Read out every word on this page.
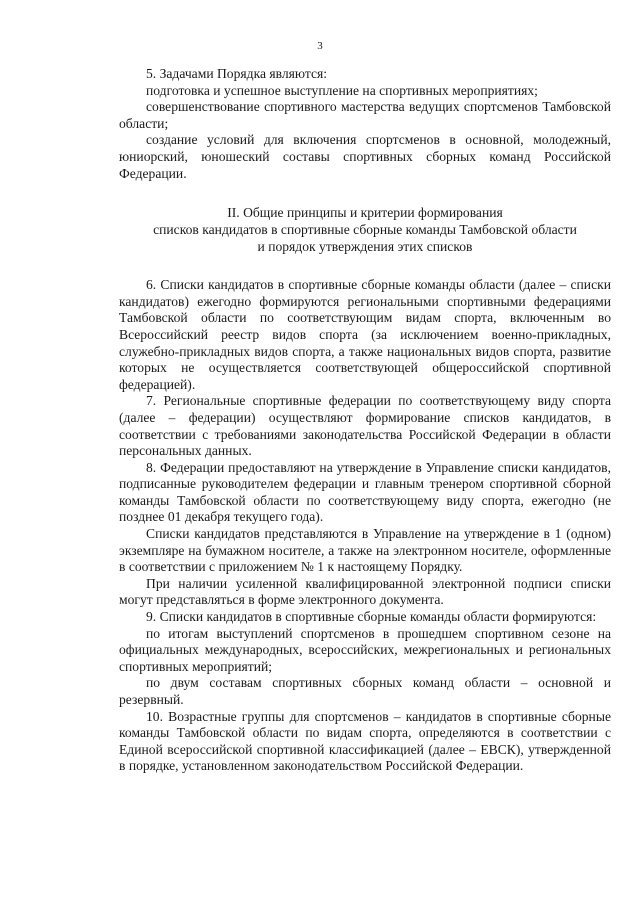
3

5. Задачами Порядка являются:

подготовка и успешное выступление на спортивных мероприятиях;

совершенствование спортивного мастерства ведущих спортсменов Тамбовской области;

создание условий для включения спортсменов в основной, молодежный, юниорский, юношеский составы спортивных сборных команд Российской Федерации.

II. Общие принципы и критерии формирования
списков кандидатов в спортивные сборные команды Тамбовской области
и порядок утверждения этих списков

6. Списки кандидатов в спортивные сборные команды области (далее – списки кандидатов) ежегодно формируются региональными спортивными федерациями Тамбовской области по соответствующим видам спорта, включенным во Всероссийский реестр видов спорта (за исключением военно-прикладных, служебно-прикладных видов спорта, а также национальных видов спорта, развитие которых не осуществляется соответствующей общероссийской спортивной федерацией).

7. Региональные спортивные федерации по соответствующему виду спорта (далее – федерации) осуществляют формирование списков кандидатов, в соответствии с требованиями законодательства Российской Федерации в области персональных данных.

8. Федерации предоставляют на утверждение в Управление списки кандидатов, подписанные руководителем федерации и главным тренером спортивной сборной команды Тамбовской области по соответствующему виду спорта, ежегодно (не позднее 01 декабря текущего года).

Списки кандидатов представляются в Управление на утверждение в 1 (одном) экземпляре на бумажном носителе, а также на электронном носителе, оформленные в соответствии с приложением № 1 к настоящему Порядку.

При наличии усиленной квалифицированной электронной подписи списки могут представляться в форме электронного документа.

9. Списки кандидатов в спортивные сборные команды области формируются:

по итогам выступлений спортсменов в прошедшем спортивном сезоне на официальных международных, всероссийских, межрегиональных и региональных спортивных мероприятий;

по двум составам спортивных сборных команд области – основной и резервный.

10. Возрастные группы для спортсменов – кандидатов в спортивные сборные команды Тамбовской области по видам спорта, определяются в соответствии с Единой всероссийской спортивной классификацией (далее – ЕВСК), утвержденной в порядке, установленном законодательством Российской Федерации.
